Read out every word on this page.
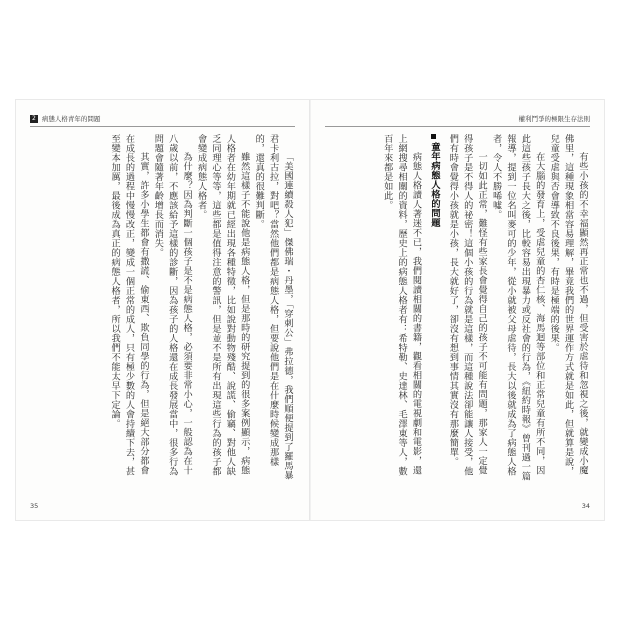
2 病態人格青年的問題

「美國連續殺人犯」傑佛瑞・丹墨，「穿刺公」弗拉德，我們順便提到了羅馬暴君卡利古拉，對吧？當然他們都是病態人格，但要說他們是在什麼時候變成那樣的，還真的很難判斷。

雖然這樣子不能說他是病態人格，但是那時的研究提到的很多案例顯示，病態人格者在幼年期就已經出現各種特徵，比如說對動物殘酷、說謊、偷竊、對他人缺乏同理心等等，這些都是值得注意的警訊，但是並不是所有出現這些行為的孩子都會變成病態人格者。

為什麼？因為判斷一個孩子是不是病態人格，必須要非常小心，一般認為在十八歲以前，不應該給予這樣的診斷，因為孩子的人格還在成長發展當中，很多行為問題會隨著年齡增長而消失。

其實，許多小學生都會有撒謊、偷東西、欺負同學的行為，但是絕大部分都會在成長的過程中慢慢改正，變成一個正常的成人，只有極少數的人會持續下去，甚至變本加厲，最後成為真正的病態人格者，所以我們不能太早下定論。

35
權利鬥爭的極限生存法則

有些小孩的不幸福顯然再正常也不過，但受害於虐待和忽視之後，就變成小魔佛里，這種現象相當容易理解，畢竟我們的世界運作方式就是如此，但就算是說，兒童受虐與否會導致不良後果，有時是極端的後果。

在大腦的發育上，受虐兒童的杏仁核、海馬迴等部位和正常兒童有所不同，因此這些孩子長大之後，比較容易出現暴力或反社會的行為，《紐約時報》曾刊過一篇報導，提到一位名叫麥可的少年，從小就被父母虐待，長大以後就成為了病態人格者，令人不勝唏噓。

一切如此正常，難怪有些家長會覺得自己的孩子不可能有問題，那家人一定覺得孩子是不得人的祕密！這個小孩的行為就是這樣，而這種說法卻能讓人接受，他們有時會覺得小孩就是小孩，長大就好了，卻沒有想到事情其實沒有那麼簡單。

童年病態人格的問題

病態人格讀人著迷不已，我們閱讀相關的書籍，觀看相關的電視劇和電影，還上網搜尋相關的資料，歷史上的病態人格者有：希特勒、史達林、毛澤東等人，數百年來都是如此。

34
